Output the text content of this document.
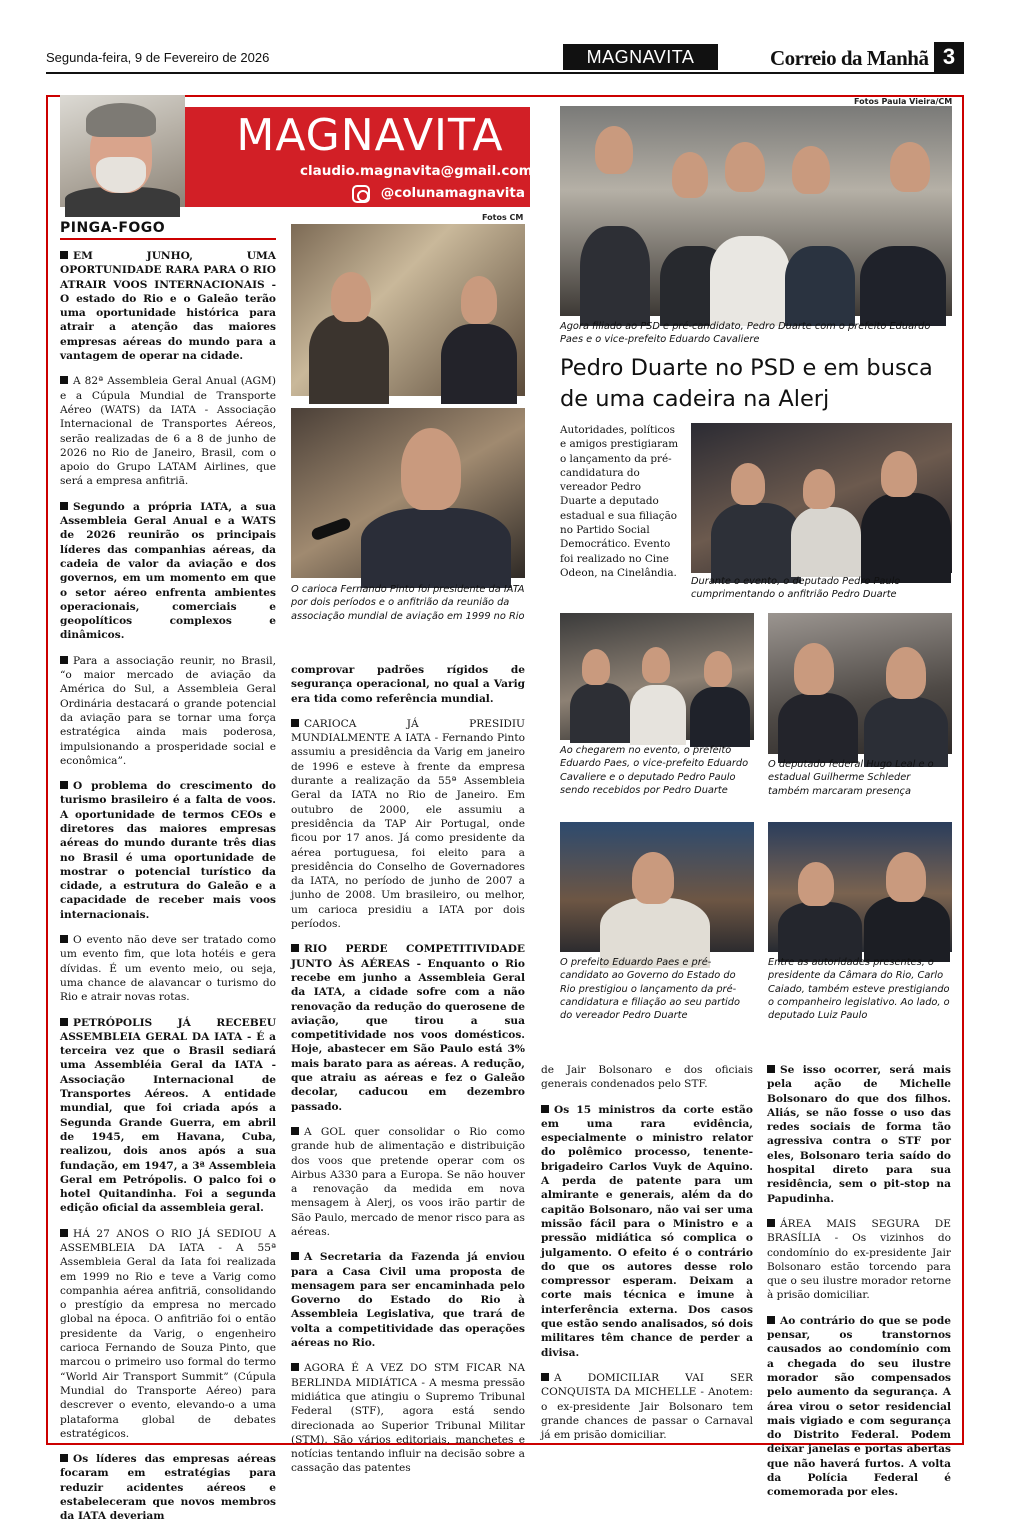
Segunda-feira, 9 de Fevereiro de 2026	MAGNAVITA	Correio da Manhã 3
MAGNAVITA
claudio.magnavita@gmail.com
@colunamagnavita
Fotos CM
Fotos Paula Vieira/CM
PINGA-FOGO

EM JUNHO, UMA OPORTUNIDADE RARA PARA O RIO ATRAIR VOOS INTERNACIONAIS - O estado do Rio e o Galeão terão uma oportunidade histórica para atrair a atenção das maiores empresas aéreas do mundo para a vantagem de operar na cidade.

A 82ª Assembleia Geral Anual (AGM) e a Cúpula Mundial de Transporte Aéreo (WATS) da IATA - Associação Internacional de Transportes Aéreos, serão realizadas de 6 a 8 de junho de 2026 no Rio de Janeiro, Brasil, com o apoio do Grupo LATAM Airlines, que será a empresa anfitriã.

Segundo a própria IATA, a sua Assembleia Geral Anual e a WATS de 2026 reunirão os principais líderes das companhias aéreas, da cadeia de valor da aviação e dos governos, em um momento em que o setor aéreo enfrenta ambientes operacionais, comerciais e geopolíticos complexos e dinâmicos.

Para a associação reunir, no Brasil, “o maior mercado de aviação da América do Sul, a Assembleia Geral Ordinária destacará o grande potencial da aviação para se tornar uma força estratégica ainda mais poderosa, impulsionando a prosperidade social e econômica”.

O problema do crescimento do turismo brasileiro é a falta de voos. A oportunidade de termos CEOs e diretores das maiores empresas aéreas do mundo durante três dias no Brasil é uma oportunidade de mostrar o potencial turístico da cidade, a estrutura do Galeão e a capacidade de receber mais voos internacionais.

O evento não deve ser tratado como um evento fim, que lota hotéis e gera dívidas. É um evento meio, ou seja, uma chance de alavancar o turismo do Rio e atrair novas rotas.

PETRÓPOLIS JÁ RECEBEU ASSEMBLEIA GERAL DA IATA - É a terceira vez que o Brasil sediará uma Assembléia Geral da IATA - Associação Internacional de Transportes Aéreos. A entidade mundial, que foi criada após a Segunda Grande Guerra, em abril de 1945, em Havana, Cuba, realizou, dois anos após a sua fundação, em 1947, a 3ª Assembleia Geral em Petrópolis. O palco foi o hotel Quitandinha. Foi a segunda edição oficial da assembleia geral.

HÁ 27 ANOS O RIO JÁ SEDIOU A ASSEMBLEIA DA IATA - A 55ª Assembleia Geral da Iata foi realizada em 1999 no Rio e teve a Varig como companhia aérea anfitriã, consolidando o prestígio da empresa no mercado global na época. O anfitrião foi o então presidente da Varig, o engenheiro carioca Fernando de Souza Pinto, que marcou o primeiro uso formal do termo “World Air Transport Summit” (Cúpula Mundial do Transporte Aéreo) para descrever o evento, elevando-o a uma plataforma global de debates estratégicos.

Os líderes das empresas aéreas focaram em estratégias para reduzir acidentes aéreos e estabeleceram que novos membros da IATA deveriam

comprovar padrões rígidos de segurança operacional, no qual a Varig era tida como referência mundial.

CARIOCA JÁ PRESIDIU MUNDIALMENTE A IATA - Fernando Pinto assumiu a presidência da Varig em janeiro de 1996 e esteve à frente da empresa durante a realização da 55ª Assembleia Geral da IATA no Rio de Janeiro. Em outubro de 2000, ele assumiu a presidência da TAP Air Portugal, onde ficou por 17 anos. Já como presidente da aérea portuguesa, foi eleito para a presidência do Conselho de Governadores da IATA, no período de junho de 2007 a junho de 2008. Um brasileiro, ou melhor, um carioca presidiu a IATA por dois períodos.

RIO PERDE COMPETITIVIDADE JUNTO ÀS AÉREAS - Enquanto o Rio recebe em junho a Assembleia Geral da IATA, a cidade sofre com a não renovação da redução do querosene de aviação, que tirou a sua competitividade nos voos domésticos. Hoje, abastecer em São Paulo está 3% mais barato para as aéreas. A redução, que atraiu as aéreas e fez o Galeão decolar, caducou em dezembro passado.

A GOL quer consolidar o Rio como grande hub de alimentação e distribuição dos voos que pretende operar com os Airbus A330 para a Europa. Se não houver a renovação da medida em nova mensagem à Alerj, os voos irão partir de São Paulo, mercado de menor risco para as aéreas.

A Secretaria da Fazenda já enviou para a Casa Civil uma proposta de mensagem para ser encaminhada pelo Governo do Estado do Rio à Assembleia Legislativa, que trará de volta a competitividade das operações aéreas no Rio.

AGORA É A VEZ DO STM FICAR NA BERLINDA MIDIÁTICA - A mesma pressão midiática que atingiu o Supremo Tribunal Federal (STF), agora está sendo direcionada ao Superior Tribunal Militar (STM). São vários editoriais, manchetes e notícias tentando influir na decisão sobre a cassação das patentes

de Jair Bolsonaro e dos oficiais generais condenados pelo STF.

Os 15 ministros da corte estão em uma rara evidência, especialmente o ministro relator do polêmico processo, tenente-brigadeiro Carlos Vuyk de Aquino. A perda de patente para um almirante e generais, além da do capitão Bolsonaro, não vai ser uma missão fácil para o Ministro e a pressão midiática só complica o julgamento. O efeito é o contrário do que os autores desse rolo compressor esperam. Deixam a corte mais técnica e imune à interferência externa. Dos casos que estão sendo analisados, só dois militares têm chance de perder a divisa.

A DOMICILIAR VAI SER CONQUISTA DA MICHELLE - Anotem: o ex-presidente Jair Bolsonaro tem grande chances de passar o Carnaval já em prisão domiciliar.

Se isso ocorrer, será mais pela ação de Michelle Bolsonaro do que dos filhos. Aliás, se não fosse o uso das redes sociais de forma tão agressiva contra o STF por eles, Bolsonaro teria saído do hospital direto para sua residência, sem o pit-stop na Papudinha.

ÁREA MAIS SEGURA DE BRASÍLIA - Os vizinhos do condomínio do ex-presidente Jair Bolsonaro estão torcendo para que o seu ilustre morador retorne à prisão domiciliar.

Ao contrário do que se pode pensar, os transtornos causados ao condomínio com a chegada do seu ilustre morador são compensados pelo aumento da segurança. A área virou o setor residencial mais vigiado e com segurança do Distrito Federal. Podem deixar janelas e portas abertas que não haverá furtos. A volta da Polícia Federal é comemorada por eles.

O carioca Fernando Pinto foi presidente da IATA por dois períodos e o anfitrião da reunião da associação mundial de aviação em 1999 no Rio
Agora filiado ao PSD e pré-candidato, Pedro Duarte com o prefeito Eduardo Paes e o vice-prefeito Eduardo Cavaliere
Pedro Duarte no PSD e em busca de uma cadeira na Alerj
Autoridades, políticos e amigos prestigiaram o lançamento da pré-candidatura do vereador Pedro Duarte a deputado estadual e sua filiação no Partido Social Democrático. Evento foi realizado no Cine Odeon, na Cinelândia.
Durante o evento, o deputado Pedro Paulo cumprimentando o anfitrião Pedro Duarte
Ao chegarem no evento, o prefeito Eduardo Paes, o vice-prefeito Eduardo Cavaliere e o deputado Pedro Paulo sendo recebidos por Pedro Duarte
O deputado federal Hugo Leal e o estadual Guilherme Schleder também marcaram presença
O prefeito Eduardo Paes e pré-candidato ao Governo do Estado do Rio prestigiou o lançamento da pré-candidatura e filiação ao seu partido do vereador Pedro Duarte
Entre as autoridades presentes, o presidente da Câmara do Rio, Carlo Caiado, também esteve prestigiando o companheiro legislativo. Ao lado, o deputado Luiz Paulo
